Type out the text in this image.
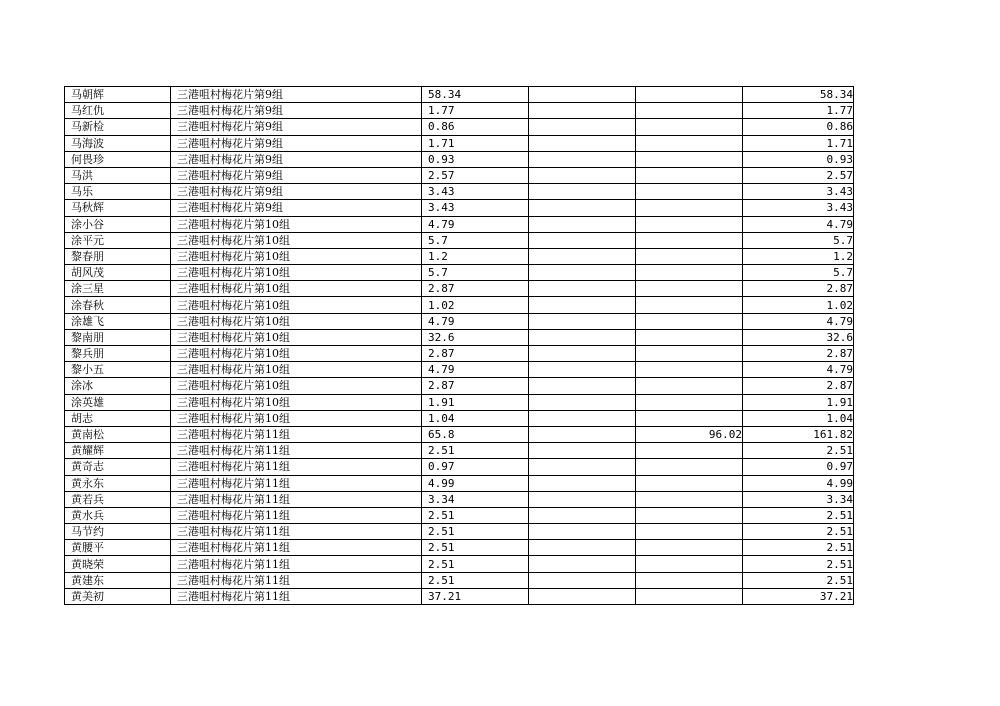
马朝辉	三港咀村梅花片第9组	58.34			58.34
马红仇	三港咀村梅花片第9组	1.77			1.77
马新检	三港咀村梅花片第9组	0.86			0.86
马海波	三港咀村梅花片第9组	1.71			1.71
何畏珍	三港咀村梅花片第9组	0.93			0.93
马洪	三港咀村梅花片第9组	2.57			2.57
马乐	三港咀村梅花片第9组	3.43			3.43
马秋辉	三港咀村梅花片第9组	3.43			3.43
涂小谷	三港咀村梅花片第10组	4.79			4.79
涂平元	三港咀村梅花片第10组	5.7			5.7
黎春朋	三港咀村梅花片第10组	1.2			1.2
胡风茂	三港咀村梅花片第10组	5.7			5.7
涂三星	三港咀村梅花片第10组	2.87			2.87
涂春秋	三港咀村梅花片第10组	1.02			1.02
涂雄飞	三港咀村梅花片第10组	4.79			4.79
黎南朋	三港咀村梅花片第10组	32.6			32.6
黎兵朋	三港咀村梅花片第10组	2.87			2.87
黎小五	三港咀村梅花片第10组	4.79			4.79
涂冰	三港咀村梅花片第10组	2.87			2.87
涂英雄	三港咀村梅花片第10组	1.91			1.91
胡志	三港咀村梅花片第10组	1.04			1.04
黄南松	三港咀村梅花片第11组	65.8		96.02	161.82
黄耀辉	三港咀村梅花片第11组	2.51			2.51
黄奇志	三港咀村梅花片第11组	0.97			0.97
黄永东	三港咀村梅花片第11组	4.99			4.99
黄若兵	三港咀村梅花片第11组	3.34			3.34
黄水兵	三港咀村梅花片第11组	2.51			2.51
马节约	三港咀村梅花片第11组	2.51			2.51
黄腰平	三港咀村梅花片第11组	2.51			2.51
黄晓荣	三港咀村梅花片第11组	2.51			2.51
黄建东	三港咀村梅花片第11组	2.51			2.51
黄美初	三港咀村梅花片第11组	37.21			37.21
